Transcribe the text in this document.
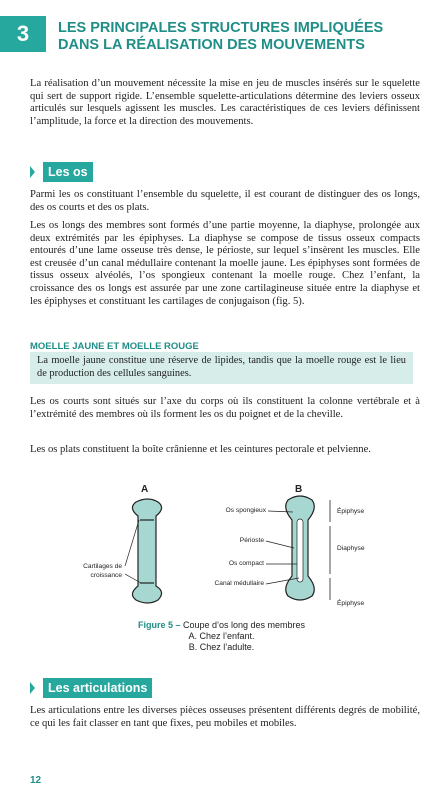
3	LES PRINCIPALES STRUCTURES IMPLIQUÉES
DANS LA RÉALISATION DES MOUVEMENTS

La réalisation d’un mouvement nécessite la mise en jeu de muscles insérés sur le squelette qui sert de support rigide. L’ensemble squelette-articulations détermine des leviers osseux articulés sur lesquels agissent les muscles. Les caractéristiques de ces leviers définissent l’amplitude, la force et la direction des mouvements.

Les os

Parmi les os constituant l’ensemble du squelette, il est courant de distinguer des os longs, des os courts et des os plats.

Les os longs des membres sont formés d’une partie moyenne, la diaphyse, prolongée aux deux extrémités par les épiphyses. La diaphyse se compose de tissus osseux compacts entourés d’une lame osseuse très dense, le périoste, sur lequel s’insèrent les muscles. Elle est creusée d’un canal médullaire contenant la moelle jaune. Les épiphyses sont formées de tissus osseux alvéolés, l’os spongieux contenant la moelle rouge. Chez l’enfant, la croissance des os longs est assurée par une zone cartilagineuse située entre la diaphyse et les épiphyses et constituant les cartilages de conjugaison (fig. 5).

MOELLE JAUNE ET MOELLE ROUGE
La moelle jaune constitue une réserve de lipides, tandis que la moelle rouge est le lieu de production des cellules sanguines.

Les os courts sont situés sur l’axe du corps où ils constituent la colonne vertébrale et à l’extrémité des membres où ils forment les os du poignet et de la cheville.

Les os plats constituent la boîte crânienne et les ceintures pectorale et pelvienne.

A	B
Cartilages de croissance
Os spongieux
Périoste
Os compact
Canal médullaire
Épiphyse
Diaphyse
Épiphyse
Figure 5 – Coupe d’os long des membres
A. Chez l’enfant.
B. Chez l’adulte.
Les articulations

Les articulations entre les diverses pièces osseuses présentent différents degrés de mobilité, ce qui les fait classer en tant que fixes, peu mobiles et mobiles.

12
